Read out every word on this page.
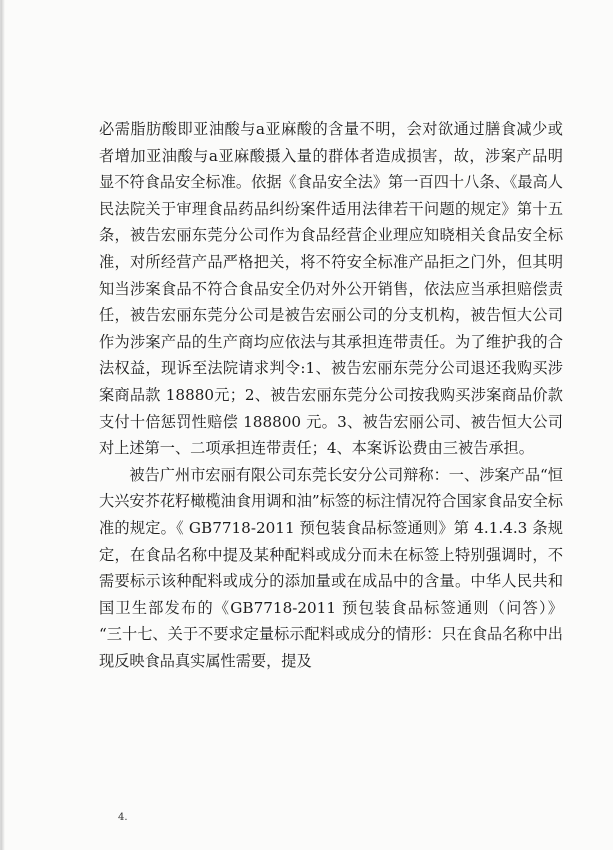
必需脂肪酸即亚油酸与a亚麻酸的含量不明，会对欲通过膳食减少或者增加亚油酸与a亚麻酸摄入量的群体者造成损害，故，涉案产品明显不符食品安全标准。依据《食品安全法》第一百四十八条、《最高人民法院关于审理食品药品纠纷案件适用法律若干问题的规定》第十五条，被告宏丽东莞分公司作为食品经营企业理应知晓相关食品安全标准，对所经营产品严格把关，将不符安全标准产品拒之门外，但其明知当涉案食品不符合食品安全仍对外公开销售，依法应当承担赔偿责任，被告宏丽东莞分公司是被告宏丽公司的分支机构，被告恒大公司作为涉案产品的生产商均应依法与其承担连带责任。为了维护我的合法权益，现诉至法院请求判令:1、被告宏丽东莞分公司退还我购买涉案商品款 18880元；2、被告宏丽东莞分公司按我购买涉案商品价款支付十倍惩罚性赔偿 188800 元。3、被告宏丽公司、被告恒大公司对上述第一、二项承担连带责任；4、本案诉讼费由三被告承担。

被告广州市宏丽有限公司东莞长安分公司辩称：一、涉案产品“恒大兴安芥花籽橄榄油食用调和油”标签的标注情况符合国家食品安全标准的规定。《 GB7718-2011 预包装食品标签通则》第 4.1.4.3 条规定，在食品名称中提及某种配料或成分而未在标签上特别强调时，不需要标示该种配料或成分的添加量或在成品中的含量。中华人民共和国卫生部发布的《GB7718-2011 预包装食品标签通则（问答）》 “三十七、关于不要求定量标示配料或成分的情形：只在食品名称中出现反映食品真实属性需要，提及

4.
